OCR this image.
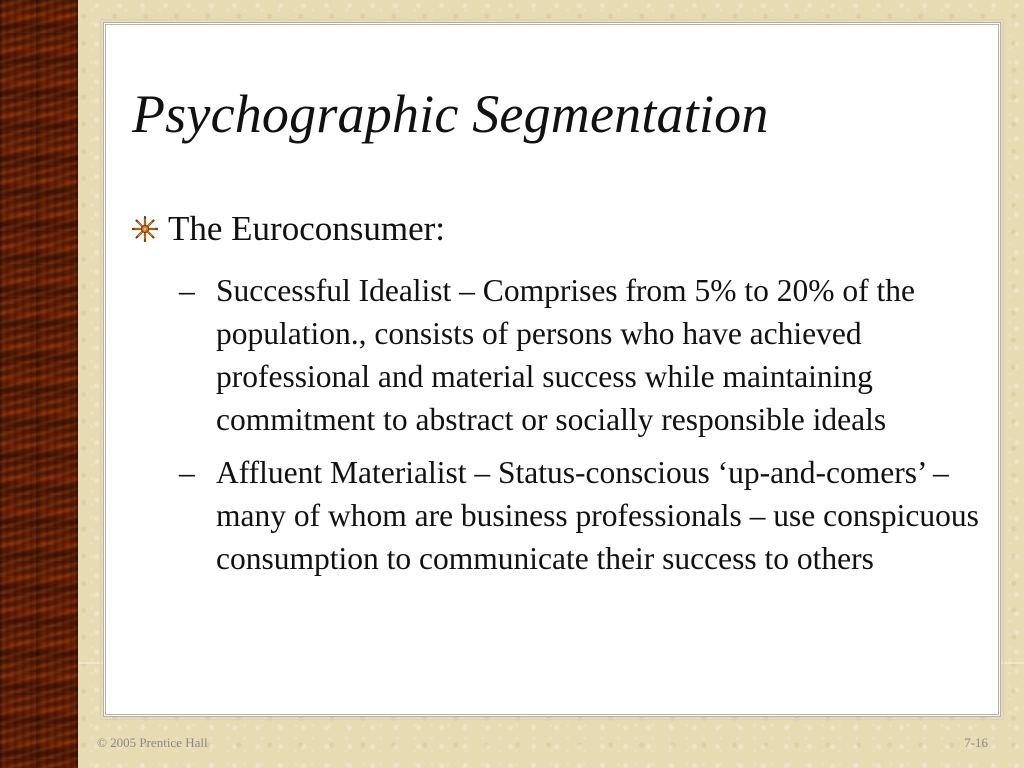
Psychographic Segmentation
The Euroconsumer:
– Successful Idealist – Comprises from 5% to 20% of the population., consists of persons who have achieved professional and material success while maintaining commitment to abstract or socially responsible ideals
– Affluent Materialist – Status-conscious ‘up-and-comers’ – many of whom are business professionals – use conspicuous consumption to communicate their success to others
© 2005 Prentice Hall	7-16
